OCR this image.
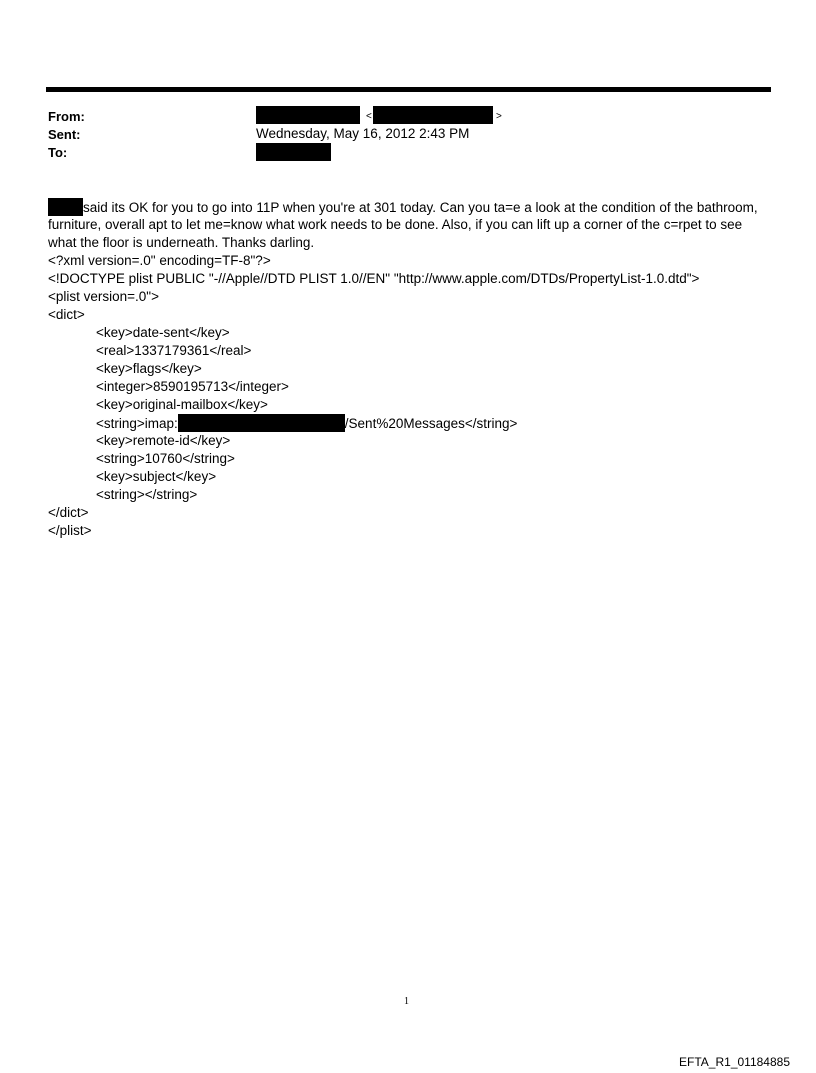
From:
Sent:
To:
<	>
Wednesday, May 16, 2012 2:43 PM
said its OK for you to go into 11P when you're at 301 today. Can you ta=e a look at the condition of the bathroom,
furniture, overall apt to let me=know what work needs to be done. Also, if you can lift up a corner of the c=rpet to see
what the floor is underneath. Thanks darling.
<?xml version=.0" encoding=TF-8"?>
<!DOCTYPE plist PUBLIC "-//Apple//DTD PLIST 1.0//EN" "http://www.apple.com/DTDs/PropertyList-1.0.dtd">
<plist version=.0">
<dict>
<key>date-sent</key>
<real>1337179361</real>
<key>flags</key>
<integer>8590195713</integer>
<key>original-mailbox</key>
<string>imap:	/Sent%20Messages</string>
<key>remote-id</key>
<string>10760</string>
<key>subject</key>
<string></string>
</dict>
</plist>
1
EFTA_R1_01184885
